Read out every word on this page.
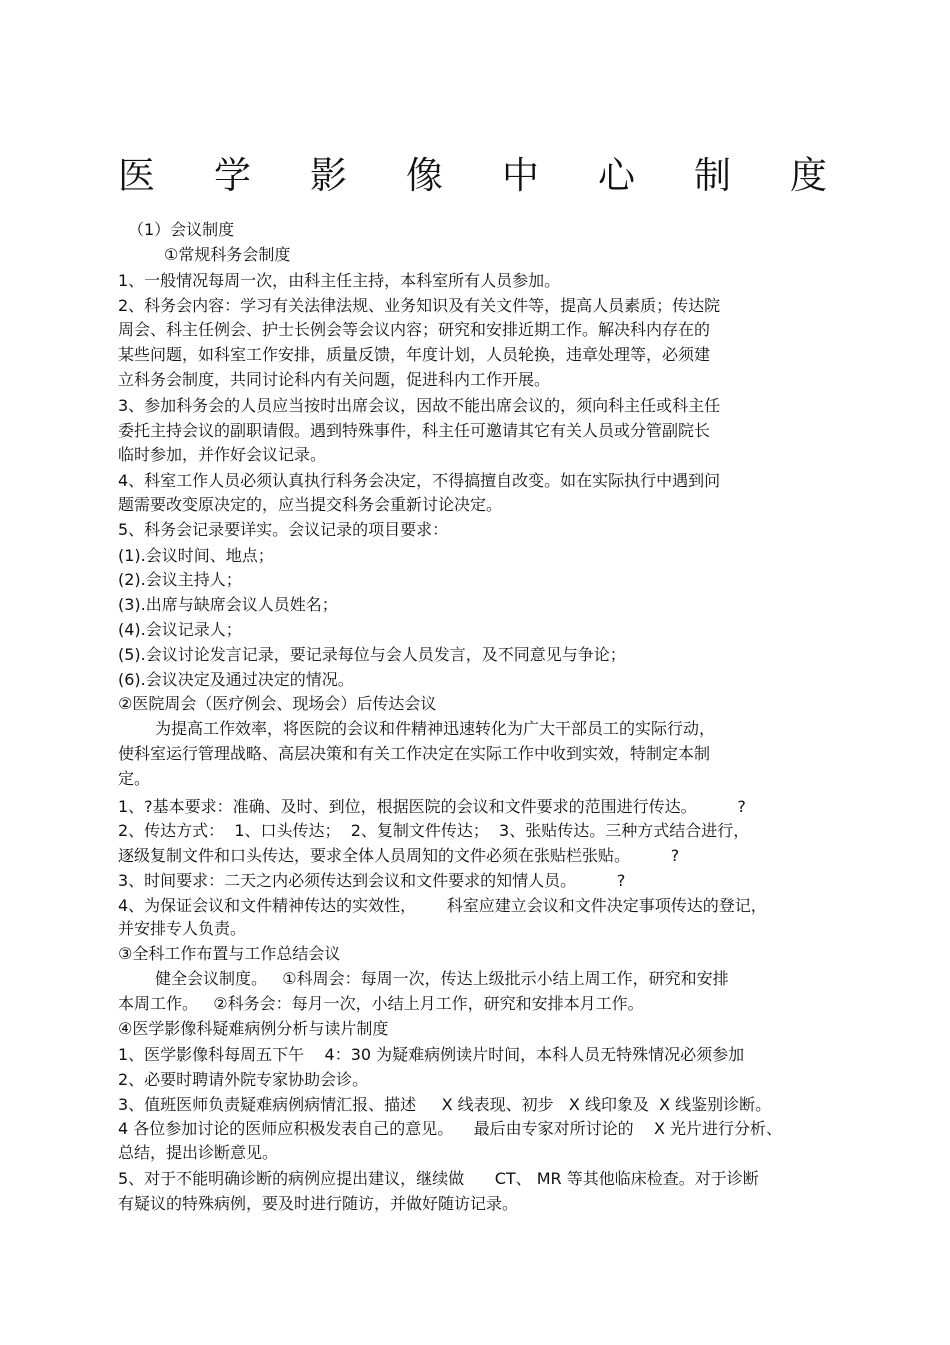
医 学 影 像 中 心 制 度
（1）会议制度
①常规科务会制度
1、一般情况每周一次，由科主任主持，本科室所有人员参加。
2、科务会内容：学习有关法律法规、业务知识及有关文件等，提高人员素质；传达院
周会、科主任例会、护士长例会等会议内容；研究和安排近期工作。解决科内存在的
某些问题，如科室工作安排，质量反馈，年度计划，人员轮换，违章处理等，必须建
立科务会制度，共同讨论科内有关问题，促进科内工作开展。
3、参加科务会的人员应当按时出席会议，因故不能出席会议的，须向科主任或科主任
委托主持会议的副职请假。遇到特殊事件，科主任可邀请其它有关人员或分管副院长
临时参加，并作好会议记录。
4、科室工作人员必须认真执行科务会决定，不得搞擅自改变。如在实际执行中遇到问
题需要改变原决定的，应当提交科务会重新讨论决定。
5、科务会记录要详实。会议记录的项目要求：
(1).会议时间、地点；
(2).会议主持人；
(3).出席与缺席会议人员姓名；
(4).会议记录人；
(5).会议讨论发言记录，要记录每位与会人员发言，及不同意见与争论；
(6).会议决定及通过决定的情况。
②医院周会（医疗例会、现场会）后传达会议
为提高工作效率，将医院的会议和件精神迅速转化为广大干部员工的实际行动，
使科室运行管理战略、高层决策和有关工作决定在实际工作中收到实效，特制定本制
定。
1、?基本要求：准确、及时、到位，根据医院的会议和文件要求的范围进行传达。        ?
2、传达方式：  1、口头传达；  2、复制文件传达；  3、张贴传达。三种方式结合进行，
逐级复制文件和口头传达，要求全体人员周知的文件必须在张贴栏张贴。        ?
3、时间要求：二天之内必须传达到会议和文件要求的知情人员。        ?
4、为保证会议和文件精神传达的实效性，      科室应建立会议和文件决定事项传达的登记，
并安排专人负责。
③全科工作布置与工作总结会议
健全会议制度。   ①科周会：每周一次，传达上级批示小结上周工作，研究和安排
本周工作。   ②科务会：每月一次，小结上月工作，研究和安排本月工作。
④医学影像科疑难病例分析与读片制度
1、医学影像科每周五下午    4：30 为疑难病例读片时间，本科人员无特殊情况必须参加
2、必要时聘请外院专家协助会诊。
3、值班医师负责疑难病例病情汇报、描述     X 线表现、初步   X 线印象及  X 线鉴别诊断。
4 各位参加讨论的医师应积极发表自己的意见。    最后由专家对所讨论的    X 光片进行分析、
总结，提出诊断意见。
5、对于不能明确诊断的病例应提出建议，继续做      CT、 MR 等其他临床检查。对于诊断
有疑议的特殊病例，要及时进行随访，并做好随访记录。
